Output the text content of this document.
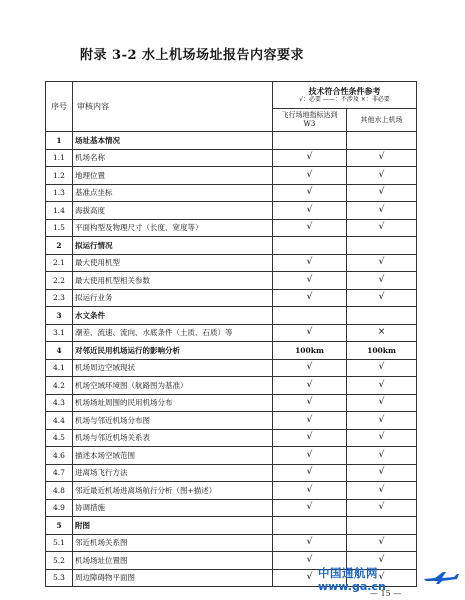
附录 3-2 水上机场场址报告内容要求
序号	审核内容	技术符合性条件参考
√：必要 ——：不涉及 ×：非必要	

		飞行场地指标达到 W3	其他水上机场
1	场址基本情况		
1.1	机场名称	√	√
1.2	地理位置	√	√
1.3	基准点坐标	√	√
1.4	海拔高度	√	√
1.5	平面构型及物理尺寸（长度、宽度等）	√	√
2	拟运行情况		
2.1	最大使用机型	√	√
2.2	最大使用机型相关参数	√	√
2.3	拟运行业务	√	√
3	水文条件		
3.1	潮差、流速、流向、水底条件（土质、石质）等	√	×
4	对邻近民用机场运行的影响分析	100km	100km
4.1	机场周边空域现状	√	√
4.2	机场空域环境图（航路图为基准）	√	√
4.3	机场场址周围的民用机场分布	√	√
4.4	机场与邻近机场分布图	√	√
4.5	机场与邻近机场关系表	√	√
4.6	描述本场空域范围	√	√
4.7	进离场飞行方法	√	√
4.8	邻近最近机场进离场航行分析（图+描述）	√	√
4.9	协调措施	√	√
5	附图		
5.1	邻近机场关系图	√	√
5.2	机场场址位置图	√	√
5.3	周边障碍物平面图	√	√
— 15 —
中国通航网
www.ga.cn
